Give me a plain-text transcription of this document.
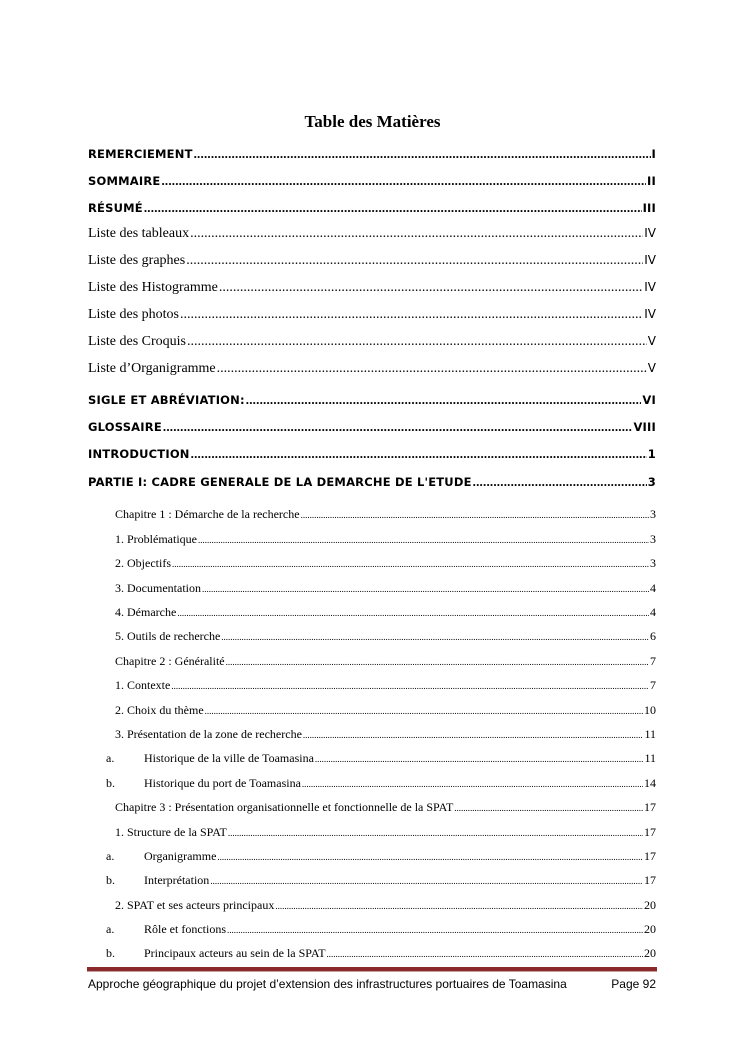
Table des Matières
REMERCIEMENT .....	I
SOMMAIRE .....	II
RÉSUMÉ .....	III
Liste des tableaux .....	IV
Liste des graphes .....	IV
Liste des Histogramme .....	IV
Liste des photos .....	IV
Liste des Croquis .....	V
Liste d’Organigramme .....	V
SIGLE ET ABRÉVIATION: .....	VI
GLOSSAIRE .....	VIII
INTRODUCTION .....	1
PARTIE I: CADRE GENERALE DE LA DEMARCHE DE L'ETUDE .....	3
Chapitre 1 : Démarche de la recherche .....	3
1. Problématique .....	3
2. Objectifs .....	3
3. Documentation .....	4
4. Démarche .....	4
5. Outils de recherche .....	6
Chapitre 2 : Généralité .....	7
1. Contexte .....	7
2. Choix du thème .....	10
3. Présentation de la zone de recherche .....	11
a. Historique de la ville de Toamasina .....	11
b. Historique du port de Toamasina .....	14
Chapitre 3 : Présentation organisationnelle et fonctionnelle de la SPAT .....	17
1. Structure de la SPAT .....	17
a. Organigramme .....	17
b. Interprétation .....	17
2. SPAT et ses acteurs principaux .....	20
a. Rôle et fonctions .....	20
b. Principaux acteurs au sein de la SPAT .....	20
Approche géographique du projet d’extension des infrastructures portuaires de Toamasina	Page 92
